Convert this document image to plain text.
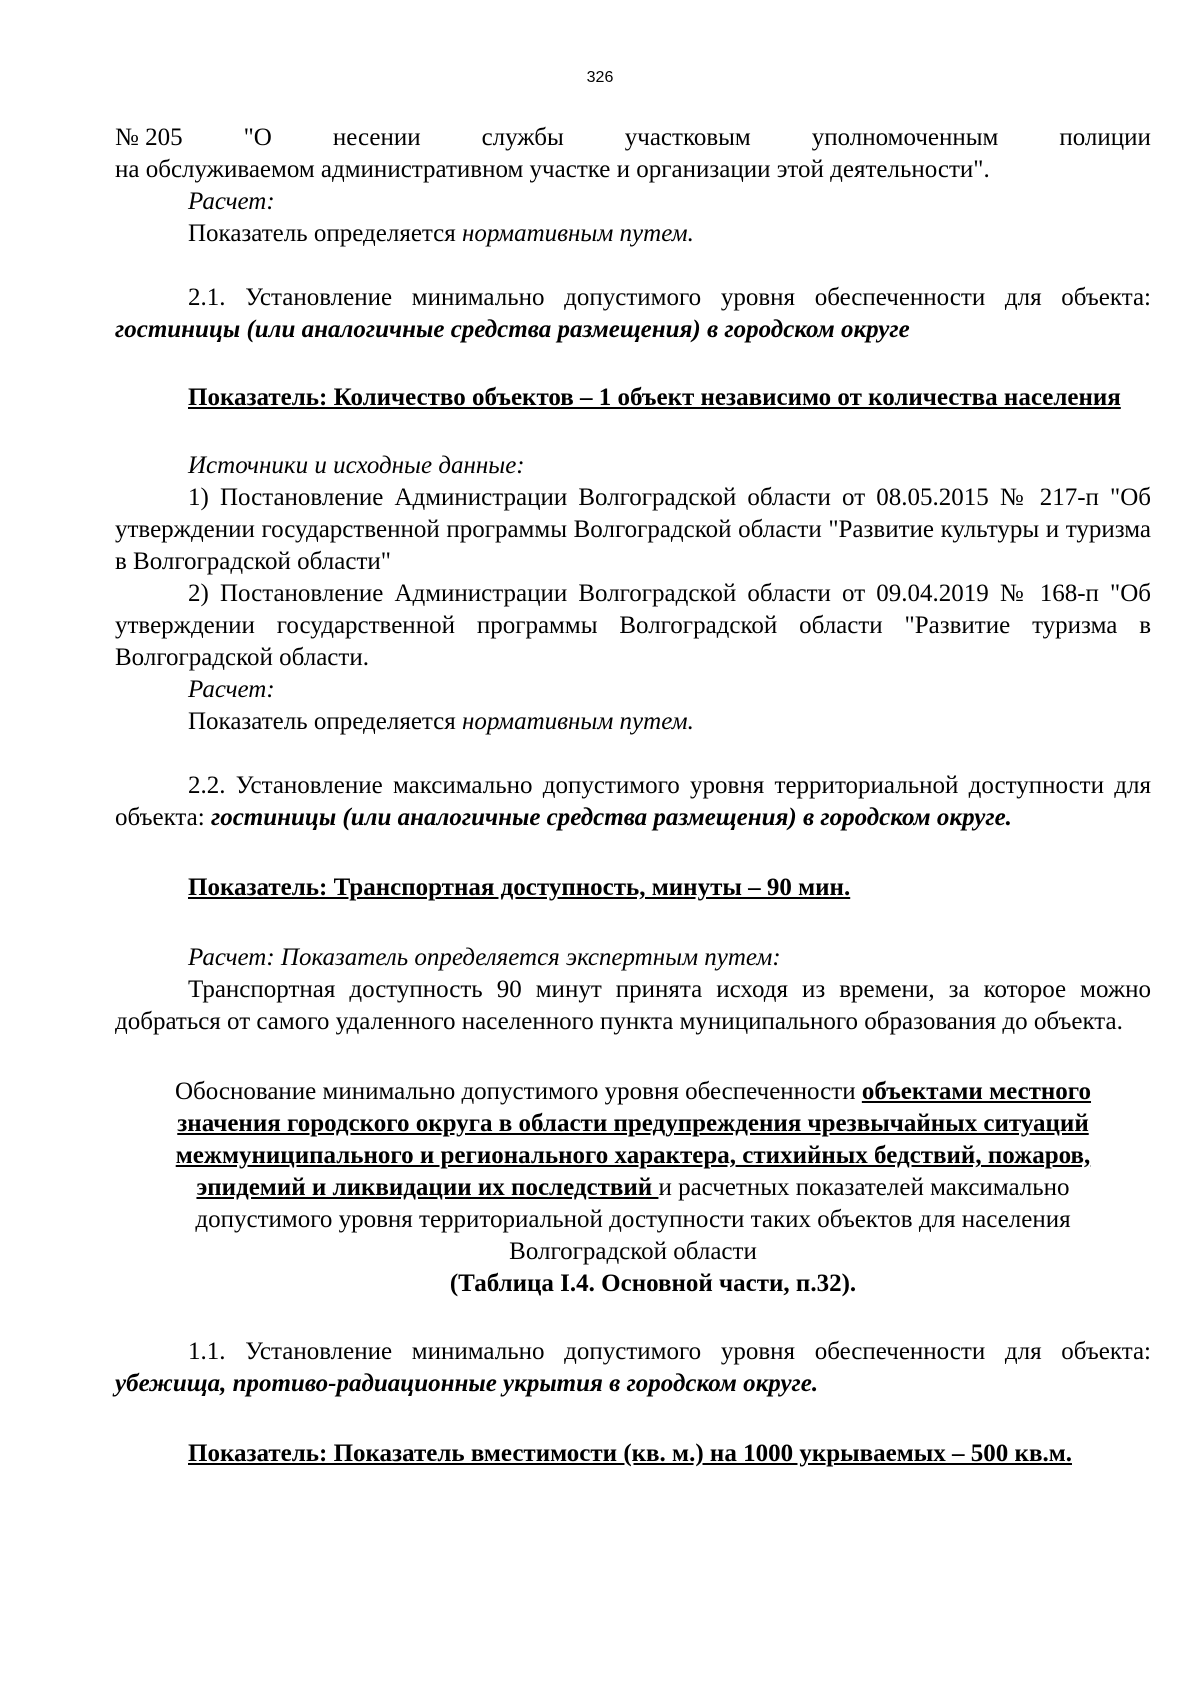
326
№ 205 "О несении службы участковым уполномоченным полиции

на обслуживаемом административном участке и организации этой деятельности".

Расчет:

Показатель определяется нормативным путем.

2.1. Установление минимально допустимого уровня обеспеченности для объекта: гостиницы (или аналогичные средства размещения) в городском округе

Показатель: Количество объектов – 1 объект независимо от количества населения

Источники и исходные данные:

1) Постановление Администрации Волгоградской области от 08.05.2015 № 217-п "Об утверждении государственной программы Волгоградской области "Развитие культуры и туризма в Волгоградской области"

2) Постановление Администрации Волгоградской области от 09.04.2019 № 168-п "Об утверждении государственной программы Волгоградской области "Развитие туризма в Волгоградской области.

Расчет:

Показатель определяется нормативным путем.

2.2. Установление максимально допустимого уровня территориальной доступности для объекта: гостиницы (или аналогичные средства размещения) в городском округе.

Показатель: Транспортная доступность, минуты – 90 мин.

Расчет: Показатель определяется экспертным путем:

Транспортная доступность 90 минут принята исходя из времени, за которое можно добраться от самого удаленного населенного пункта муниципального образования до объекта.

Обоснование минимально допустимого уровня обеспеченности объектами местного значения городского округа в области предупреждения чрезвычайных ситуаций межмуниципального и регионального характера, стихийных бедствий, пожаров, эпидемий и ликвидации их последствий и расчетных показателей максимально допустимого уровня территориальной доступности таких объектов для населения Волгоградской области

(Таблица I.4. Основной части, п.32).

1.1. Установление минимально допустимого уровня обеспеченности для объекта: убежища, противо-радиационные укрытия в городском округе.

Показатель: Показатель вместимости (кв. м.) на 1000 укрываемых – 500 кв.м.
